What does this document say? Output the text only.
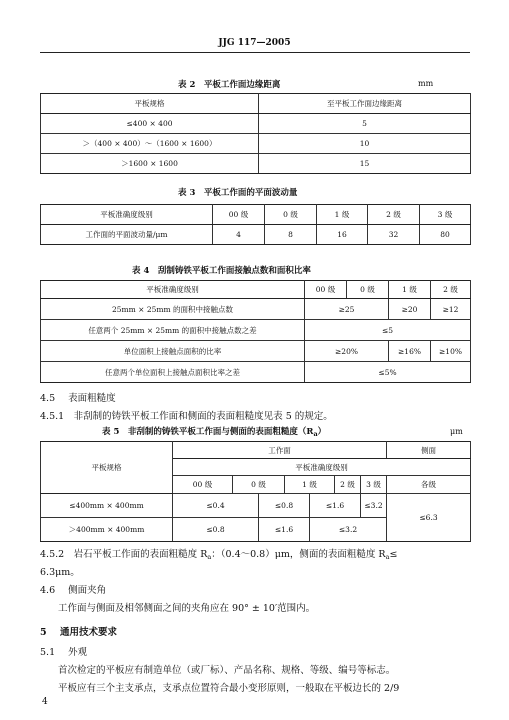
JJG 117—2005
表 2　平板工作面边缘距离	mm
平板规格	至平板工作面边缘距离
≤400 × 400	5
＞（400 × 400）～（1600 × 1600）	10
＞1600 × 1600	15
表 3　平板工作面的平面波动量
平板准确度级别	00 级	0 级	1 级	2 级	3 级
工作面的平面波动量/μm	4	8	16	32	80
表 4　刮制铸铁平板工作面接触点数和面积比率
平板准确度级别	00 级	0 级	1 级	2 级
25mm × 25mm 的面积中接触点数	≥25		≥20	≥12
任意两个 25mm × 25mm 的面积中接触点数之差	≤5			
单位面积上接触点面积的比率	≥20%		≥16%	≥10%
任意两个单位面积上接触点面积比率之差	≤5%			
4.5 表面粗糙度
4.5.1　非刮制的铸铁平板工作面和侧面的表面粗糙度见表 5 的规定。
表 5　非刮制的铸铁平板工作面与侧面的表面粗糙度$(R_a)$	μm
平板规格	工作面							侧面
	平板准确度级别							
	00 级	0 级		1 级		2 级	3 级	各级
≤400mm × 400mm	≤0.4		≤0.8		≤1.6		≤3.2	≤6.3
＞400mm × 400mm	≤0.8		≤1.6		≤3.2			
4.5.2　岩石平板工作面的表面粗糙度 $R_a$：（0.4～0.8）μm，侧面的表面粗糙度 $R_a\le$
6.3μm。
4.6 侧面夹角
工作面与侧面及相邻侧面之间的夹角应在 90° ± 10′范围内。
5 通用技术要求
5.1 外观
首次检定的平板应有制造单位（或厂标）、产品名称、规格、等级、编号等标志。
平板应有三个主支承点，支承点位置符合最小变形原则，一般取在平板边长的 2/9
4
